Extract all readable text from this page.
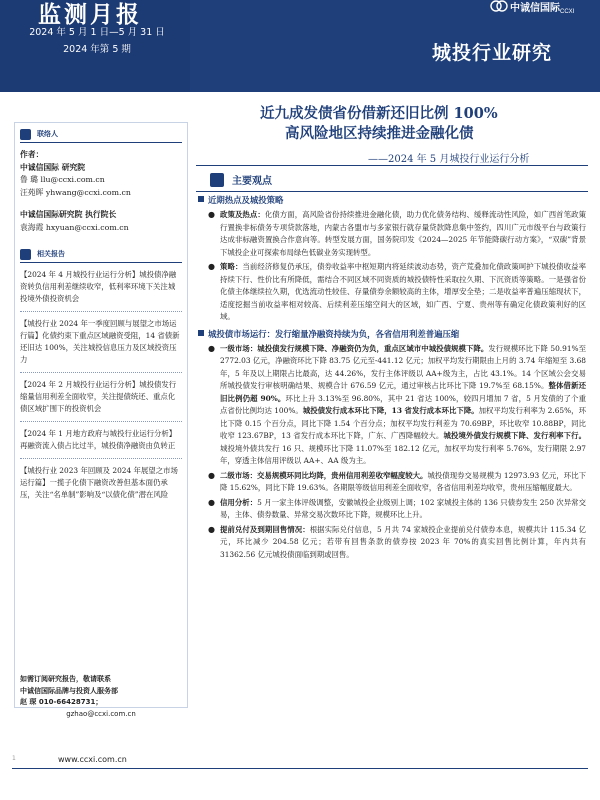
监测月报
2024 年 5 月 1 日—5 月 31 日
2024 年第 5 期
中诚信国际 CCXI
城投行业研究
近九成发债省份借新还旧比例 100%
高风险地区持续推进金融化债
——2024 年 5 月城投行业运行分析
联络人
作者：
中诚信国际 研究院
鲁 璐 llu@ccxi.com.cn
汪苑晖 yhwang@ccxi.com.cn
中诚信国际研究院 执行院长
袁海霞 hxyuan@ccxi.com.cn
相关报告

【2024 年 4 月城投行业运行分析】城投债净融资转负信用利差继续收窄，低利率环境下关注城投境外债投资机会

【城投行业 2024 年一季度回顾与展望之市场运行篇】化债约束下重点区域融资受阻，14 省债新还旧达 100%，关注城投信息压力及区域投资压力

【2024 年 2 月城投行业运行分析】城投债发行缩量信用利差全面收窄，关注提债统还、重点化债区域扩围下的投资机会

【2024 年 1 月地方政府与城投行业运行分析】再融资流入债占比过半，城投债净融资由负转正

【城投行业 2023 年回顾及 2024 年展望之市场运行篇】一揽子化债下融资改善但基本面仍承压，关注“名单制”影响及“以债化债”潜在风险

如需订阅研究报告，敬请联系
中诚信国际品牌与投资人服务部
赵 琛 010-66428731；
gzhao@ccxi.com.cn
1	www.ccxi.com.cn
主要观点

近期热点及城投策略

● 政策及热点：化债方面，高风险省份持续推进金融化债，助力优化债务结构、缓释流动性风险，如广西首笔政策行置换非标债务专项贷款落地，内蒙古各盟市与多家银行就存量贷款降息集中签约，四川广元市级平台与政策行达成非标融资置换合作意向等。转型发展方面，国务院印发《2024—2025 年节能降碳行动方案》，“双碳”背景下城投企业可探索布局绿色低碳业务实现转型。

● 策略：当前经济修复仍承压，债券收益率中枢短期内将延续波动态势，资产荒叠加化债政策呵护下城投债收益率持续下行、性价比有所降低，需结合不同区域不同资质的城投债特性采取拉久期、下沉资质等策略。一是强省份化债主体继续拉久期，优选流动性较佳、存量债券余额较高的主体，增厚安全垫；二是收益率普遍压缩现状下，适度挖掘当前收益率相对较高、后续利差压缩空间大的区域，如广西、宁夏、贵州等有确定化债政策利好的区域。

城投债市场运行：发行缩量净融资持续为负，各省信用利差普遍压缩

● 一级市场：城投债发行规模下降、净融资仍为负，重点区域市中城投债规模下降。发行规模环比下降 50.91%至 2772.03 亿元，净融资环比下降 83.75 亿元至-441.12 亿元；加权平均发行期限由上月的 3.74 年缩短至 3.68 年，5 年及以上期限占比最高，达 44.26%，发行主体评级以 AA+级为主，占比 43.1%。14 个区域公会交易所城投债发行审核明确结果、规模合计 676.59 亿元，通过审核占比环比下降 19.7%至 68.15%。整体借新还旧比例仍超 90%。环比上升 3.13%至 96.80%，其中 21 省达 100%，较四月增加 7 省，5 月发债的了个重点省份比例均达 100%。城投债发行成本环比下降，13 省发行成本环比下降。加权平均发行利率为 2.65%，环比下降 0.15 个百分点，同比下降 1.54 个百分点；加权平均发行利差为 70.69BP，环比收窄 10.88BP，同比收窄 123.67BP，13 省发行成本环比下降，广东、广西降幅较大。城投境外债发行规模下降、发行利率下行。城投境外债共发行 16 只、规模环比下降 11.07%至 182.12 亿元，加权平均发行利率 5.76%，发行期限 2.97 年，穿透主体信用评级以 AA+、AA 级为主。

● 二级市场：交易规模环同比均降，贵州信用利差收窄幅度较大。城投债现券交易规模为 12973.93 亿元，环比下降 15.62%，同比下降 19.63%。各期限等级信用利差全面收窄，各省信用利差均收窄，贵州压缩幅度最大。

● 信用分析：5 月一家主体评级调整，安徽城投企业级别上调；102 家城投主体的 136 只债券发生 250 次异常交易，主体、债券数量、异常交易次数环比下降，规模环比上升。

● 提前兑付及到期回售情况：根据实际兑付信息，5 月共 74 家城投企业提前兑付债券本息，规模共计 115.34 亿元，环比减少 204.58 亿元；若带有回售条款的债券按 2023 年 70%的真实回售比例计算，年内共有 31362.56 亿元城投债面临到期或回售。
